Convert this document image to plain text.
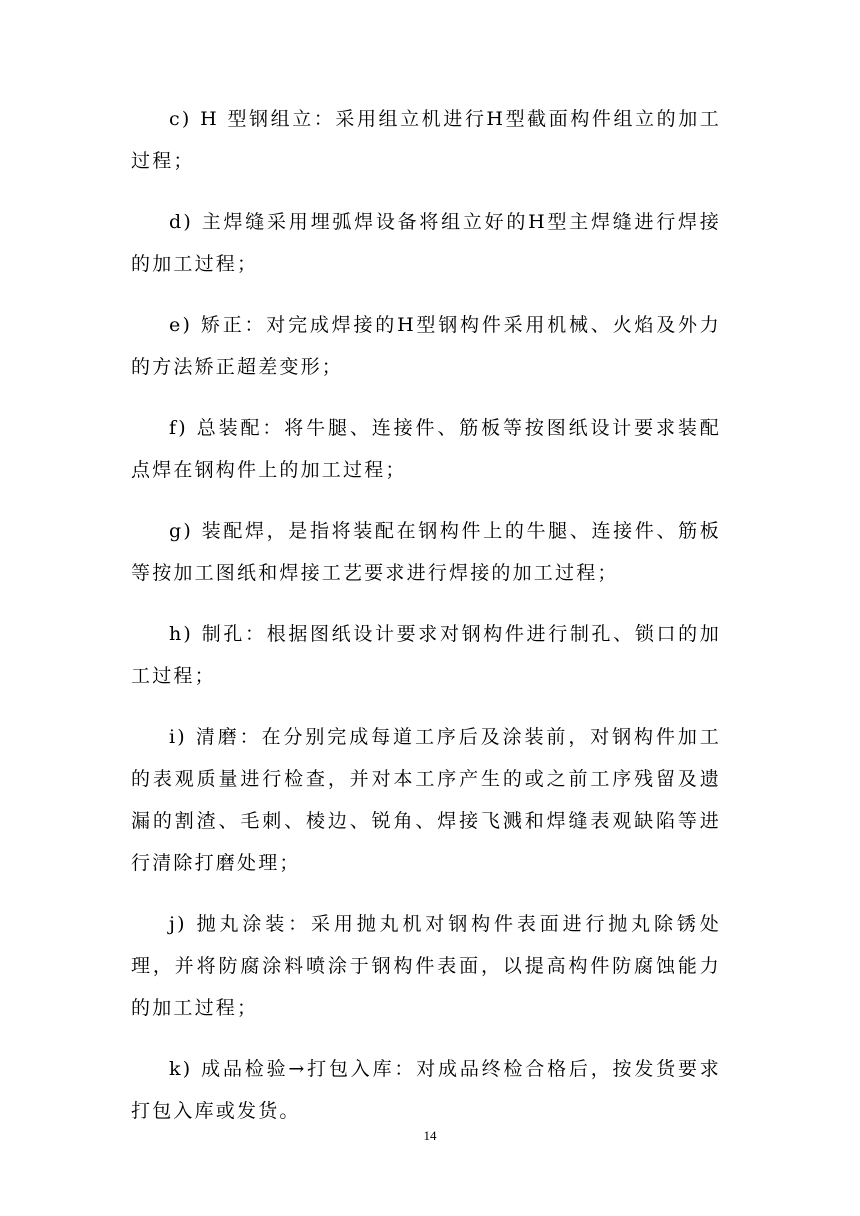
c) H 型钢组立：采用组立机进行H型截面构件组立的加工过程；

d) 主焊缝采用埋弧焊设备将组立好的H型主焊缝进行焊接的加工过程；

e) 矫正：对完成焊接的H型钢构件采用机械、火焰及外力的方法矫正超差变形；

f) 总装配：将牛腿、连接件、筋板等按图纸设计要求装配点焊在钢构件上的加工过程；

g) 装配焊，是指将装配在钢构件上的牛腿、连接件、筋板等按加工图纸和焊接工艺要求进行焊接的加工过程；

h) 制孔：根据图纸设计要求对钢构件进行制孔、锁口的加工过程；

i) 清磨：在分别完成每道工序后及涂装前，对钢构件加工的表观质量进行检查，并对本工序产生的或之前工序残留及遗漏的割渣、毛刺、棱边、锐角、焊接飞溅和焊缝表观缺陷等进行清除打磨处理；

j) 抛丸涂装：采用抛丸机对钢构件表面进行抛丸除锈处理，并将防腐涂料喷涂于钢构件表面，以提高构件防腐蚀能力的加工过程；

k) 成品检验→打包入库：对成品终检合格后，按发货要求打包入库或发货。

14
